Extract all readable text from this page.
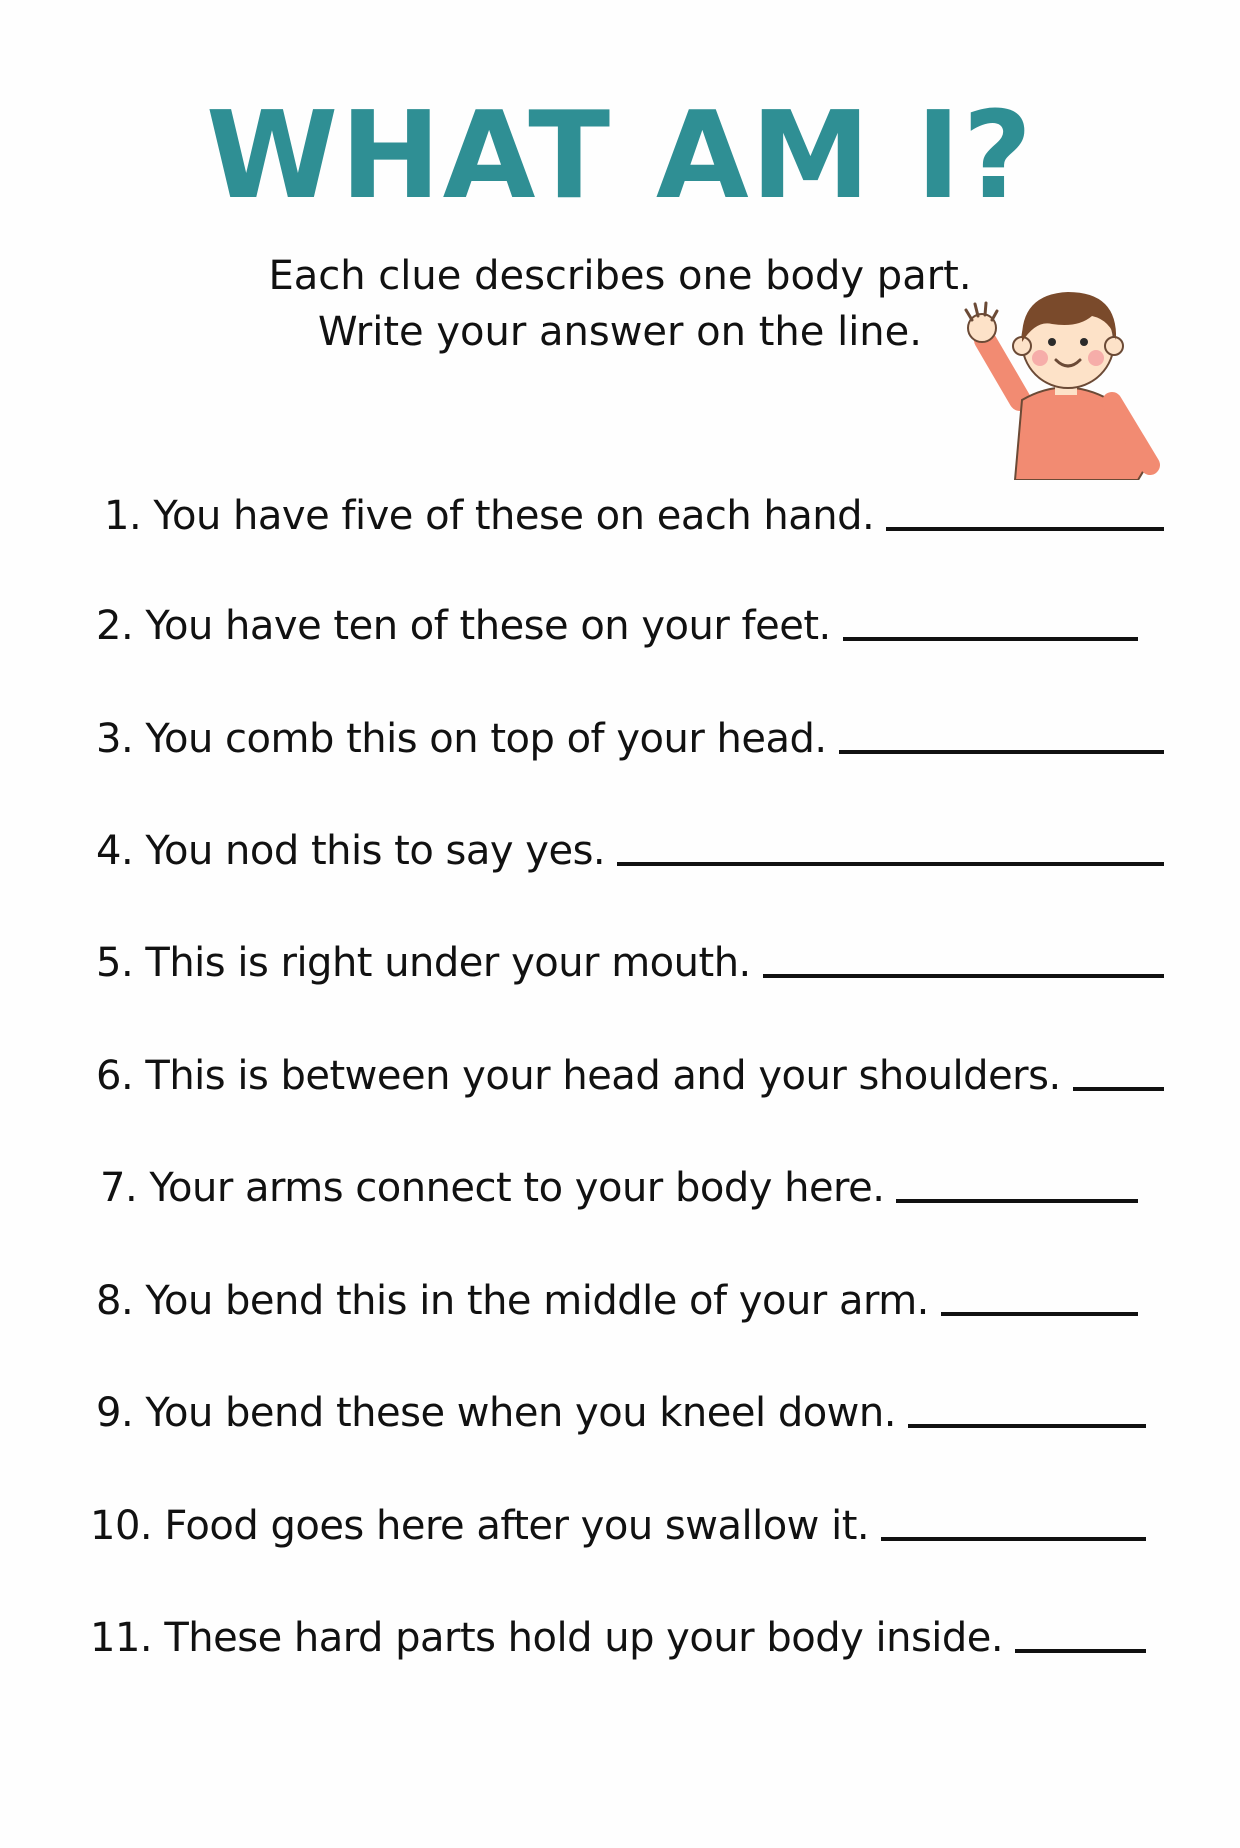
WHAT AM I?
Each clue describes one body part.
Write your answer on the line.
1. You have five of these on each hand.
2. You have ten of these on your feet.
3. You comb this on top of your head.
4. You nod this to say yes.
5. This is right under your mouth.
6. This is between your head and your shoulders.
7. Your arms connect to your body here.
8. You bend this in the middle of your arm.
9. You bend these when you kneel down.
10. Food goes here after you swallow it.
11. These hard parts hold up your body inside.
